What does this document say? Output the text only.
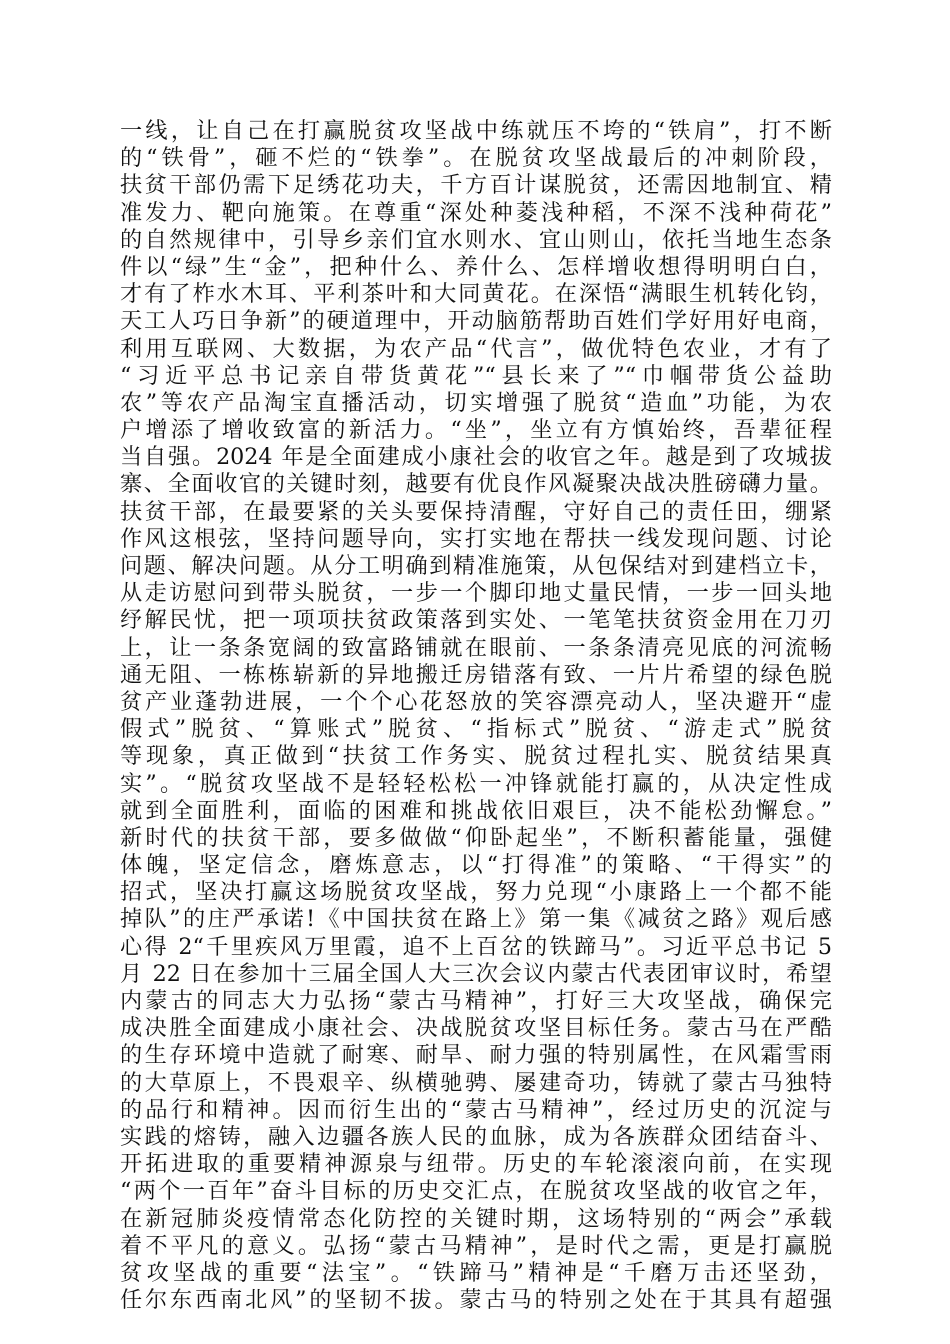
一线，让自己在打赢脱贫攻坚战中练就压不垮的“铁肩”，打不断
的“铁骨”，砸不烂的“铁拳”。在脱贫攻坚战最后的冲刺阶段，
扶贫干部仍需下足绣花功夫，千方百计谋脱贫，还需因地制宜、精
准发力、靶向施策。在尊重“深处种菱浅种稻，不深不浅种荷花”
的自然规律中，引导乡亲们宜水则水、宜山则山，依托当地生态条
件以“绿”生“金”，把种什么、养什么、怎样增收想得明明白白，
才有了柞水木耳、平利茶叶和大同黄花。在深悟“满眼生机转化钧，
天工人巧日争新”的硬道理中，开动脑筋帮助百姓们学好用好电商，
利用互联网、大数据，为农产品“代言”，做优特色农业，才有了
“习近平总书记亲自带货黄花”“县长来了”“巾帼带货公益助
农”等农产品淘宝直播活动，切实增强了脱贫“造血”功能，为农
户增添了增收致富的新活力。“坐”，坐立有方慎始终，吾辈征程
当自强。2024 年是全面建成小康社会的收官之年。越是到了攻城拔
寨、全面收官的关键时刻，越要有优良作风凝聚决战决胜磅礴力量。
扶贫干部，在最要紧的关头要保持清醒，守好自己的责任田，绷紧
作风这根弦，坚持问题导向，实打实地在帮扶一线发现问题、讨论
问题、解决问题。从分工明确到精准施策，从包保结对到建档立卡，
从走访慰问到带头脱贫，一步一个脚印地丈量民情，一步一回头地
纾解民忧，把一项项扶贫政策落到实处、一笔笔扶贫资金用在刀刃
上，让一条条宽阔的致富路铺就在眼前、一条条清亮见底的河流畅
通无阻、一栋栋崭新的异地搬迁房错落有致、一片片希望的绿色脱
贫产业蓬勃进展，一个个心花怒放的笑容漂亮动人，坚决避开“虚
假式”脱贫、“算账式”脱贫、“指标式”脱贫、“游走式”脱贫
等现象，真正做到“扶贫工作务实、脱贫过程扎实、脱贫结果真
实”。“脱贫攻坚战不是轻轻松松一冲锋就能打赢的，从决定性成
就到全面胜利，面临的困难和挑战依旧艰巨，决不能松劲懈怠。”
新时代的扶贫干部，要多做做“仰卧起坐”，不断积蓄能量，强健
体魄，坚定信念，磨炼意志，以“打得准”的策略、“干得实”的
招式，坚决打赢这场脱贫攻坚战，努力兑现“小康路上一个都不能
掉队”的庄严承诺!《中国扶贫在路上》第一集《减贫之路》观后感
心得 2“千里疾风万里霞，追不上百岔的铁蹄马”。习近平总书记 5
月 22 日在参加十三届全国人大三次会议内蒙古代表团审议时，希望
内蒙古的同志大力弘扬“蒙古马精神”，打好三大攻坚战，确保完
成决胜全面建成小康社会、决战脱贫攻坚目标任务。蒙古马在严酷
的生存环境中造就了耐寒、耐旱、耐力强的特别属性，在风霜雪雨
的大草原上，不畏艰辛、纵横驰骋、屡建奇功，铸就了蒙古马独特
的品行和精神。因而衍生出的“蒙古马精神”，经过历史的沉淀与
实践的熔铸，融入边疆各族人民的血脉，成为各族群众团结奋斗、
开拓进取的重要精神源泉与纽带。历史的车轮滚滚向前，在实现
“两个一百年”奋斗目标的历史交汇点，在脱贫攻坚战的收官之年，
在新冠肺炎疫情常态化防控的关键时期，这场特别的“两会”承载
着不平凡的意义。弘扬“蒙古马精神”，是时代之需，更是打赢脱
贫攻坚战的重要“法宝”。“铁蹄马”精神是“千磨万击还坚劲，
任尔东西南北风”的坚韧不拔。蒙古马的特别之处在于其具有超强
